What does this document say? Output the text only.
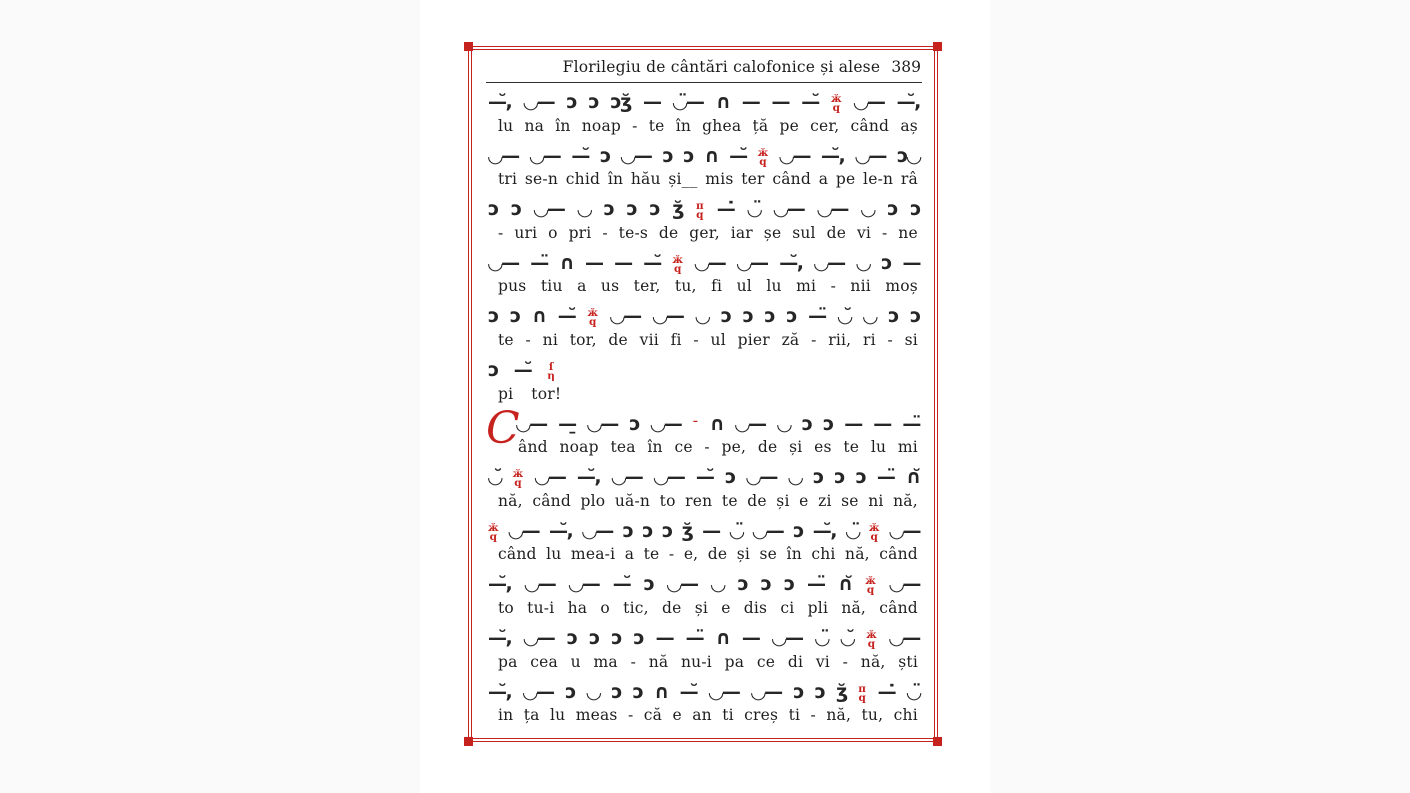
Florilegiu de cântări calofonice și alese 389
—̆, ◡— ɔ ɔ ɔʒ̆ — ◡̈— ∩ — — —̆ ӂ
q ◡— —̆,
lu na în noap - te în ghea ță pe cer, când aș
◡— ◡— —̆ ɔ ◡— ɔ ɔ ∩ —̆ ӂ
q ◡— —̆, ◡— ɔ◡
tri se-n chid în hău și__ mis ter când a pe le-n râ
ɔ ɔ ◡— ◡ ɔ ɔ ɔ ʒ̆ π
q —̇ ◡̈ ◡— ◡— ◡ ɔ ɔ
- uri o pri - te-s de ger, iar șe sul de vi - ne
◡— —̈ ∩ — — —̆ ӂ
q ◡— ◡— —̆, ◡— ◡ ɔ —
pus tiu a us ter, tu, fi ul lu mi - nii moș
ɔ ɔ ∩ —̆ ӂ
q ◡— ◡— ◡ ɔ ɔ ɔ ɔ —̈ ◡̆ ◡ ɔ ɔ
te - ni tor, de vii fi - ul pier ză - rii, ri - si
ɔ —̆ ſ
η
pi tor!
C
◡— —̱ ◡— ɔ ◡— – ∩ ◡— ◡ ɔ ɔ — — —̈
ând noap tea în ce - pe, de și es te lu mi
◡̆ ӂ
q ◡— —̆, ◡— ◡— —̆ ɔ ◡— ◡ ɔ ɔ ɔ —̈ ∩̆
nă, când plo uă-n to ren te de și e zi se ni nă,
ӂ
q ◡— —̆, ◡— ɔ ɔ ɔ ʒ̆ — ◡̈ ◡— ɔ —̆, ◡̈ ӂ
q ◡—
când lu mea-i a te - e, de și se în chi nă, când
—̆, ◡— ◡— —̆ ɔ ◡— ◡ ɔ ɔ ɔ —̈ ∩̆ ӂ
q ◡—
to tu-i ha o tic, de și e dis ci pli nă, când
—̆, ◡— ɔ ɔ ɔ ɔ — —̈ ∩ — ◡— ◡̈ ◡̆ ӂ
q ◡—
pa cea u ma - nă nu-i pa ce di vi - nă, ști
—̆, ◡— ɔ ◡ ɔ ɔ ∩ —̆ ◡— ◡— ɔ ɔ ʒ̆ π
q —̇ ◡̈
in ța lu meas - că e an ti creș ti - nă, tu, chi
